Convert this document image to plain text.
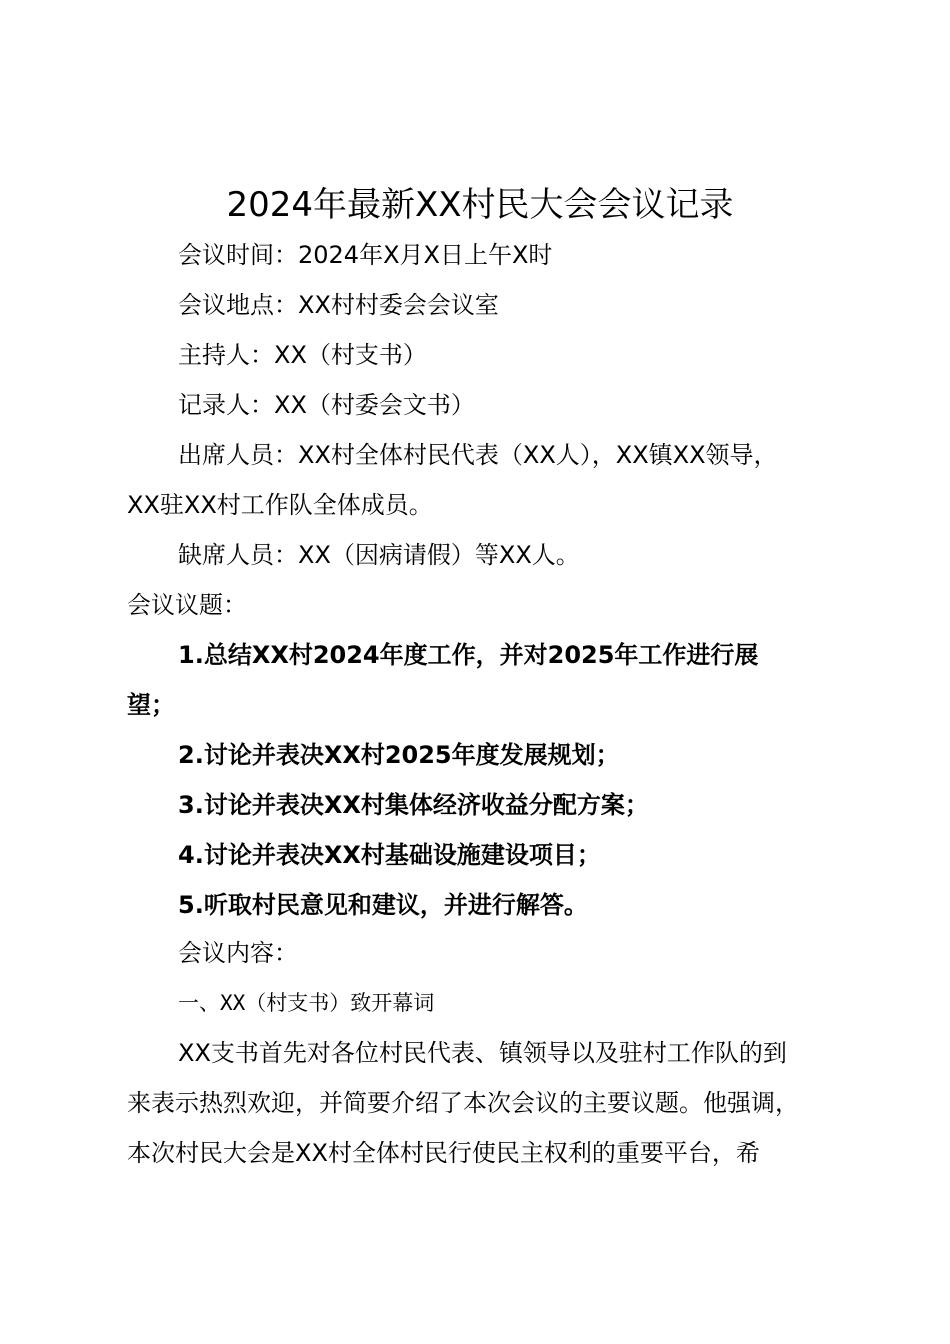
2024年最新XX村民大会会议记录
会议时间：2024年X月X日上午X时
会议地点：XX村村委会会议室
主持人：XX（村支书）
记录人：XX（村委会文书）
出席人员：XX村全体村民代表（XX人），XX镇XX领导，
XX驻XX村工作队全体成员。
缺席人员：XX（因病请假）等XX人。
会议议题：
1.总结XX村2024年度工作，并对2025年工作进行展
望；
2.讨论并表决XX村2025年度发展规划；
3.讨论并表决XX村集体经济收益分配方案；
4.讨论并表决XX村基础设施建设项目；
5.听取村民意见和建议，并进行解答。
会议内容：
一、XX（村支书）致开幕词
XX支书首先对各位村民代表、镇领导以及驻村工作队的到
来表示热烈欢迎，并简要介绍了本次会议的主要议题。他强调，
本次村民大会是XX村全体村民行使民主权利的重要平台，希
